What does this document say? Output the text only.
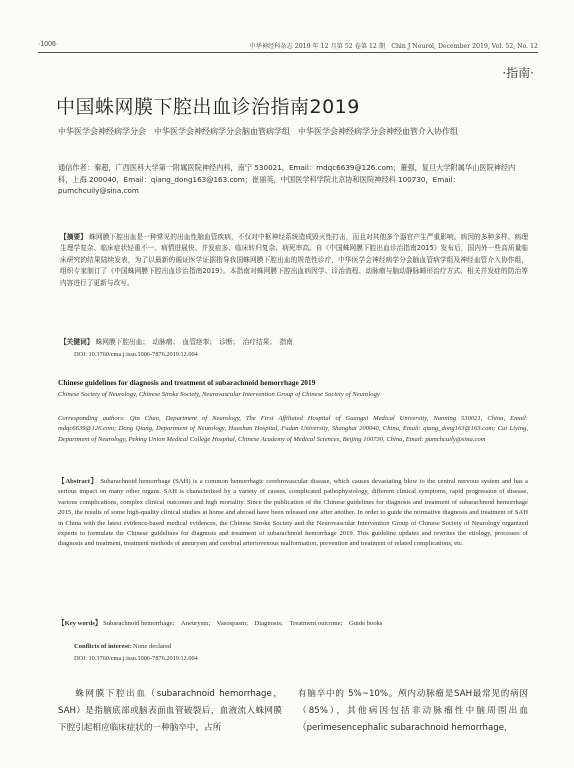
·1006·	中华神经科杂志 2019 年 12 月第 52 卷第 12 期　Chin J Neurol, December 2019, Vol. 52, No. 12
·指南·
中国蛛网膜下腔出血诊治指南2019
中华医学会神经病学分会　中华医学会神经病学分会脑血管病学组　中华医学会神经病学分会神经血管介入协作组
通信作者：秦超，广西医科大学第一附属医院神经内科，南宁 530021，Email：mdqc6639@126.com；董强，复旦大学附属华山医院神经内科，上海 200040，Email：qiang_dong163@163.com；崔丽英，中国医学科学院北京协和医院神经科 100730，Email：pumchcuily@sina.com
【摘要】 蛛网膜下腔出血是一种常见的出血性脑血管疾病，不仅对中枢神经系统造成毁灭性打击，而且对其他多个器官产生严重影响。病因的多种多样、病理生理学复杂、临床症状轻重不一、病情进展快、并发症多、临床转归复杂、病死率高。自《中国蛛网膜下腔出血诊治指南2015》发布后，国内外一些高质量临床研究的结果陆续发表，为了以最新的循证医学证据指导我国蛛网膜下腔出血的规范性诊疗，中华医学会神经病学分会脑血管病学组及神经血管介入协作组，组织专家制订了《中国蛛网膜下腔出血诊治指南2019》。本指南对蛛网膜下腔出血病因学、诊治流程、动脉瘤与脑动静脉畸形治疗方式、相关并发症的防治等内容进行了更新与改写。
【关键词】 蛛网膜下腔出血；　动脉瘤；　血管痉挛；　诊断；　治疗结果；　指南
DOI: 10.3760/cma.j.issn.1006-7876.2019.12.004
Chinese guidelines for diagnosis and treatment of subarachnoid hemorrhage 2019
Chinese Society of Neurology, Chinese Stroke Society, Neurovascular Intervention Group of Chinese Society of Neurology
Corresponding authors: Qin Chao, Department of Neurology, The First Affiliated Hospital of Guangxi Medical University, Nanning 530021, China, Email: mdqc6639@126.com; Dong Qiang, Department of Neurology, Huashan Hospital, Fudan University, Shanghai 200040, China, Email: qiang_dong163@163.com; Cui Liying, Department of Neurology, Peking Union Medical College Hospital, Chinese Academy of Medical Sciences, Beijing 100730, China, Email: pumchcuily@sina.com
【Abstract】 Subarachnoid hemorrhage (SAH) is a common hemorrhagic cerebrovascular disease, which causes devastating blow to the central nervous system and has a serious impact on many other organs. SAH is characterized by a variety of causes, complicated pathophysiology, different clinical symptoms, rapid progression of disease, various complications, complex clinical outcomes and high mortality. Since the publication of the Chinese guidelines for diagnosis and treatment of subarachnoid hemorrhage 2015, the results of some high-quality clinical studies at home and abroad have been released one after another. In order to guide the normative diagnosis and treatment of SAH in China with the latest evidence-based medical evidences, the Chinese Stroke Society and the Neurovascular Intervention Group of Chinese Society of Neurology organized experts to formulate the Chinese guidelines for diagnosis and treatment of subarachnoid hemorrhage 2019. This guideline updates and rewrites the etiology, processes of diagnosis and treatment, treatment methods of aneurysm and cerebral arteriovenous malformation, prevention and treatment of related complications, etc.
【Key words】 Subarachnoid hemorrhage;　Aneurysm;　Vasospasm;　Diagnosis;　Treatment outcome;　Guide books
Conflicts of interest: None declared
DOI: 10.3760/cma.j.issn.1006-7876.2019.12.004
蛛网膜下腔出血（subarachnoid hemorrhage，SAH）是指脑底部或脑表面血管破裂后，血液流入蛛网膜下腔引起相应临床症状的一种脑卒中，占所
有脑卒中的 5%~10%。颅内动脉瘤是SAH最常见的病因（85%），其他病因包括非动脉瘤性中脑周围出血（perimesencephalic subarachnoid hemorrhage，
